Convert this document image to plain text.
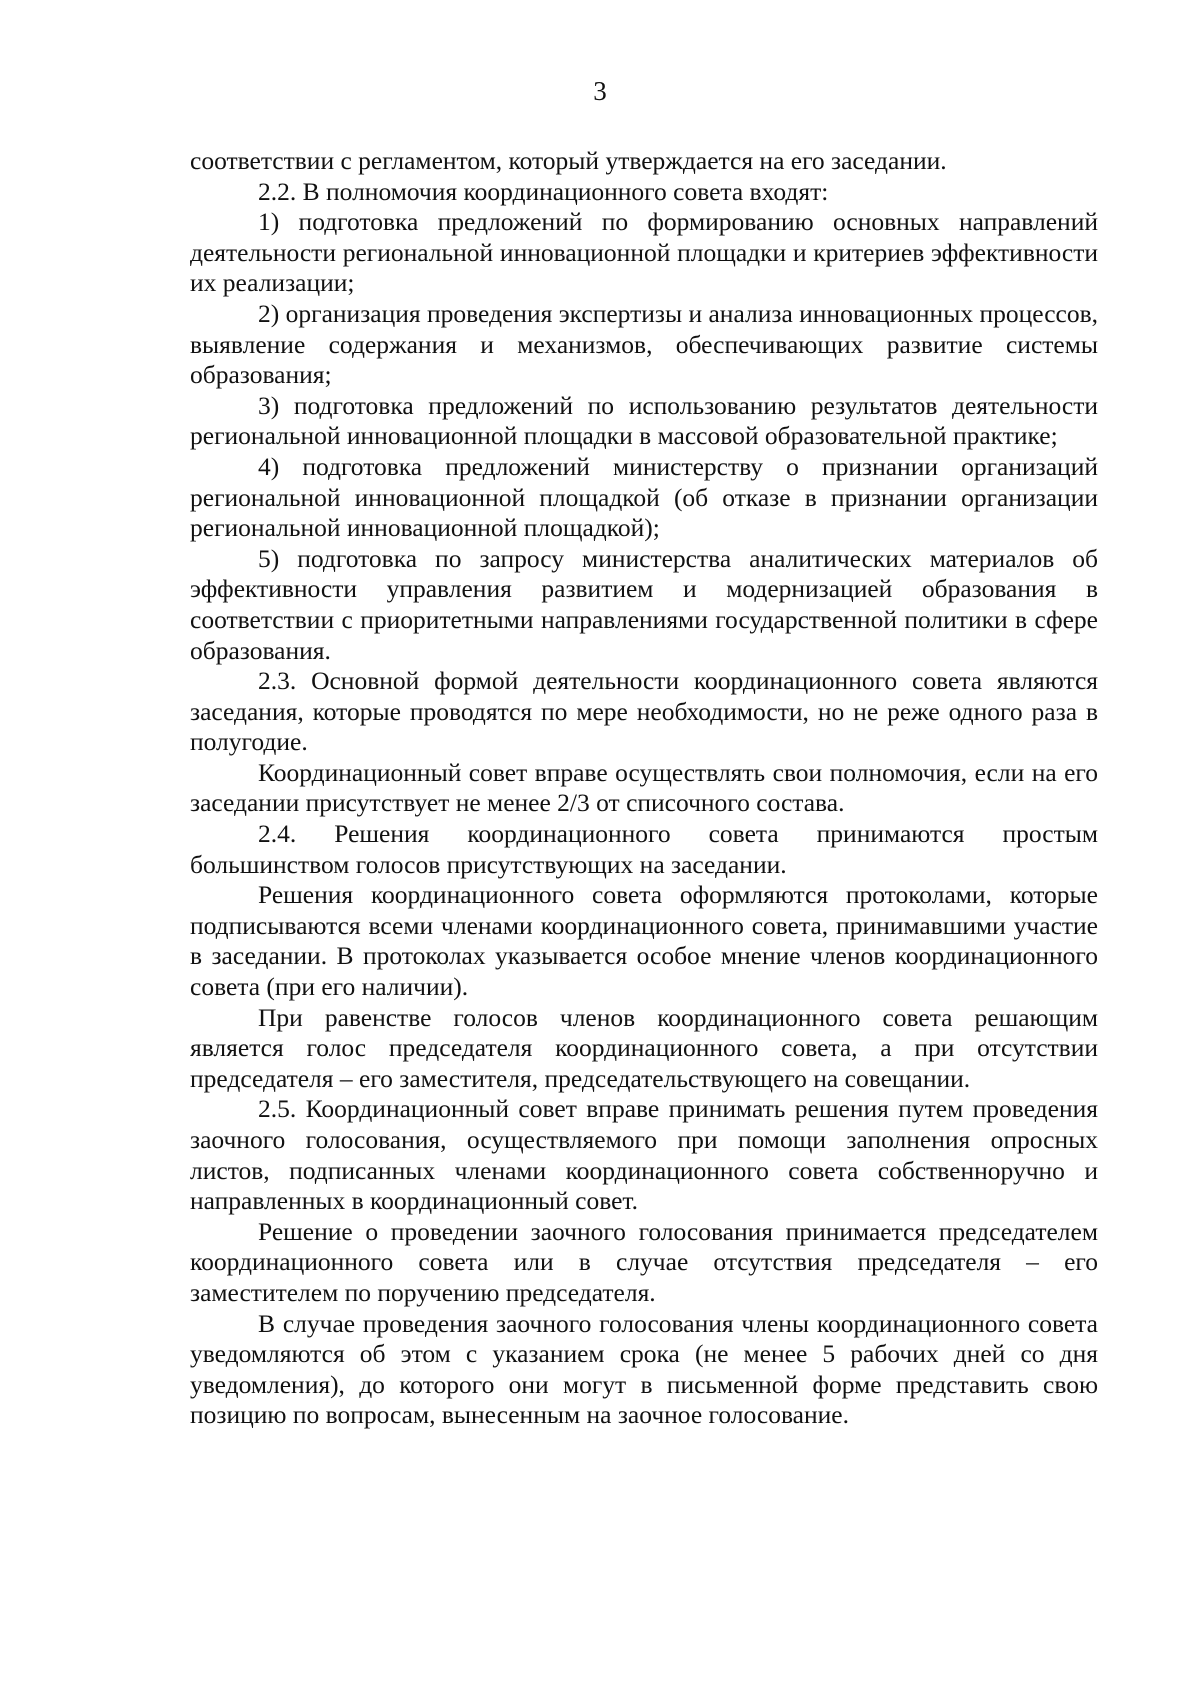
3

соответствии с регламентом, который утверждается на его заседании.

2.2. В полномочия координационного совета входят:

1) подготовка предложений по формированию основных направлений деятельности региональной инновационной площадки и критериев эффективности их реализации;

2) организация проведения экспертизы и анализа инновационных процессов, выявление содержания и механизмов, обеспечивающих развитие системы образования;

3) подготовка предложений по использованию результатов деятельности региональной инновационной площадки в массовой образовательной практике;

4) подготовка предложений министерству о признании организаций региональной инновационной площадкой (об отказе в признании организации региональной инновационной площадкой);

5) подготовка по запросу министерства аналитических материалов об эффективности управления развитием и модернизацией образования в соответствии с приоритетными направлениями государственной политики в сфере образования.

2.3. Основной формой деятельности координационного совета являются заседания, которые проводятся по мере необходимости, но не реже одного раза в полугодие.

Координационный совет вправе осуществлять свои полномочия, если на его заседании присутствует не менее 2/3 от списочного состава.

2.4. Решения координационного совета принимаются простым большинством голосов присутствующих на заседании.

Решения координационного совета оформляются протоколами, которые подписываются всеми членами координационного совета, принимавшими участие в заседании. В протоколах указывается особое мнение членов координационного совета (при его наличии).

При равенстве голосов членов координационного совета решающим является голос председателя координационного совета, а при отсутствии председателя – его заместителя, председательствующего на совещании.

2.5. Координационный совет вправе принимать решения путем проведения заочного голосования, осуществляемого при помощи заполнения опросных листов, подписанных членами координационного совета собственноручно и направленных в координационный совет.

Решение о проведении заочного голосования принимается председателем координационного совета или в случае отсутствия председателя – его заместителем по поручению председателя.

В случае проведения заочного голосования члены координационного совета уведомляются об этом с указанием срока (не менее 5 рабочих дней со дня уведомления), до которого они могут в письменной форме представить свою позицию по вопросам, вынесенным на заочное голосование.
